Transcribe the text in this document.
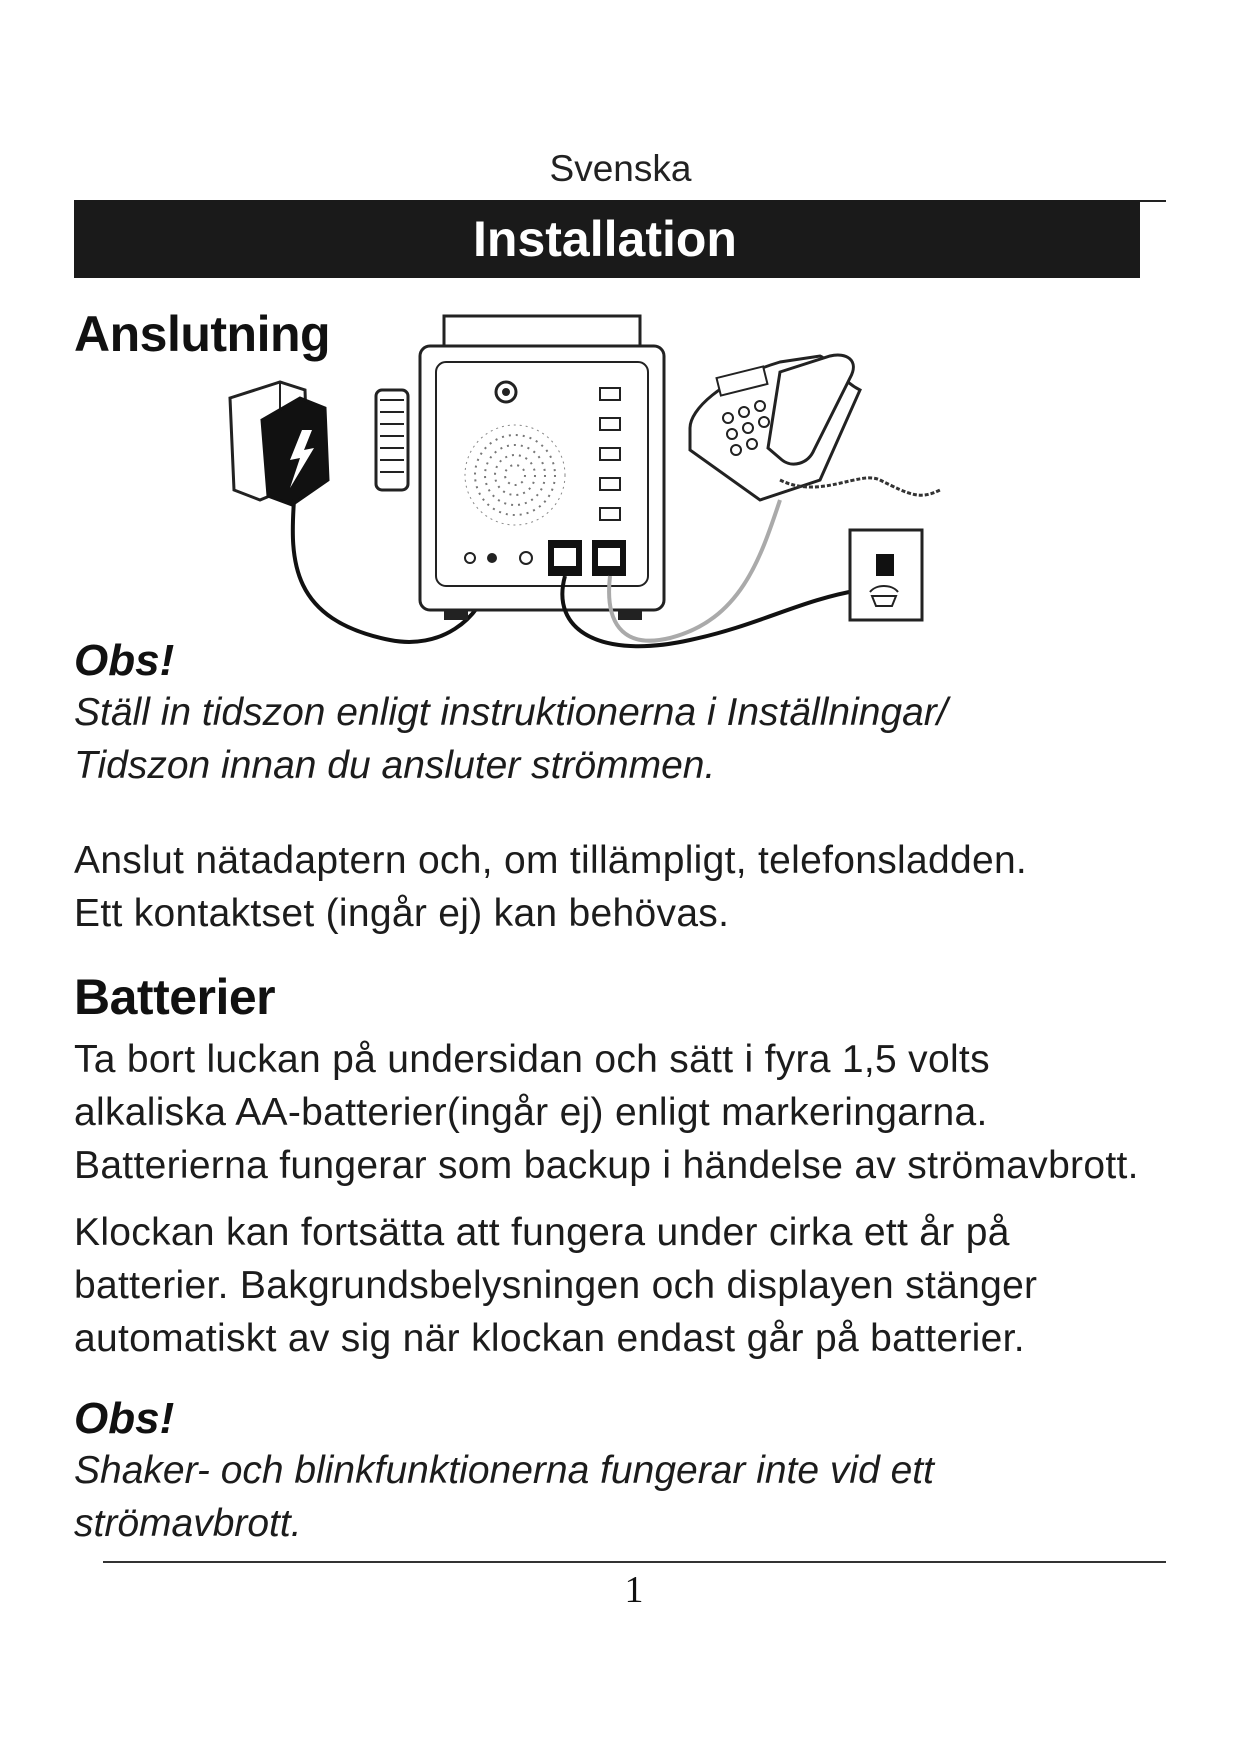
Svenska
Installation
Anslutning
Obs!
Ställ in tidszon enligt instruktionerna i Inställningar/
Tidszon innan du ansluter strömmen.
Anslut nätadaptern och, om tillämpligt, telefonsladden.
Ett kontaktset (ingår ej) kan behövas.
Batterier
Ta bort luckan på undersidan och sätt i fyra 1,5 volts
alkaliska AA-batterier(ingår ej) enligt markeringarna.
Batterierna fungerar som backup i händelse av strömavbrott.
Klockan kan fortsätta att fungera under cirka ett år på
batterier. Bakgrundsbelysningen och displayen stänger
automatiskt av sig när klockan endast går på batterier.
Obs!
Shaker- och blinkfunktionerna fungerar inte vid ett
strömavbrott.
1
